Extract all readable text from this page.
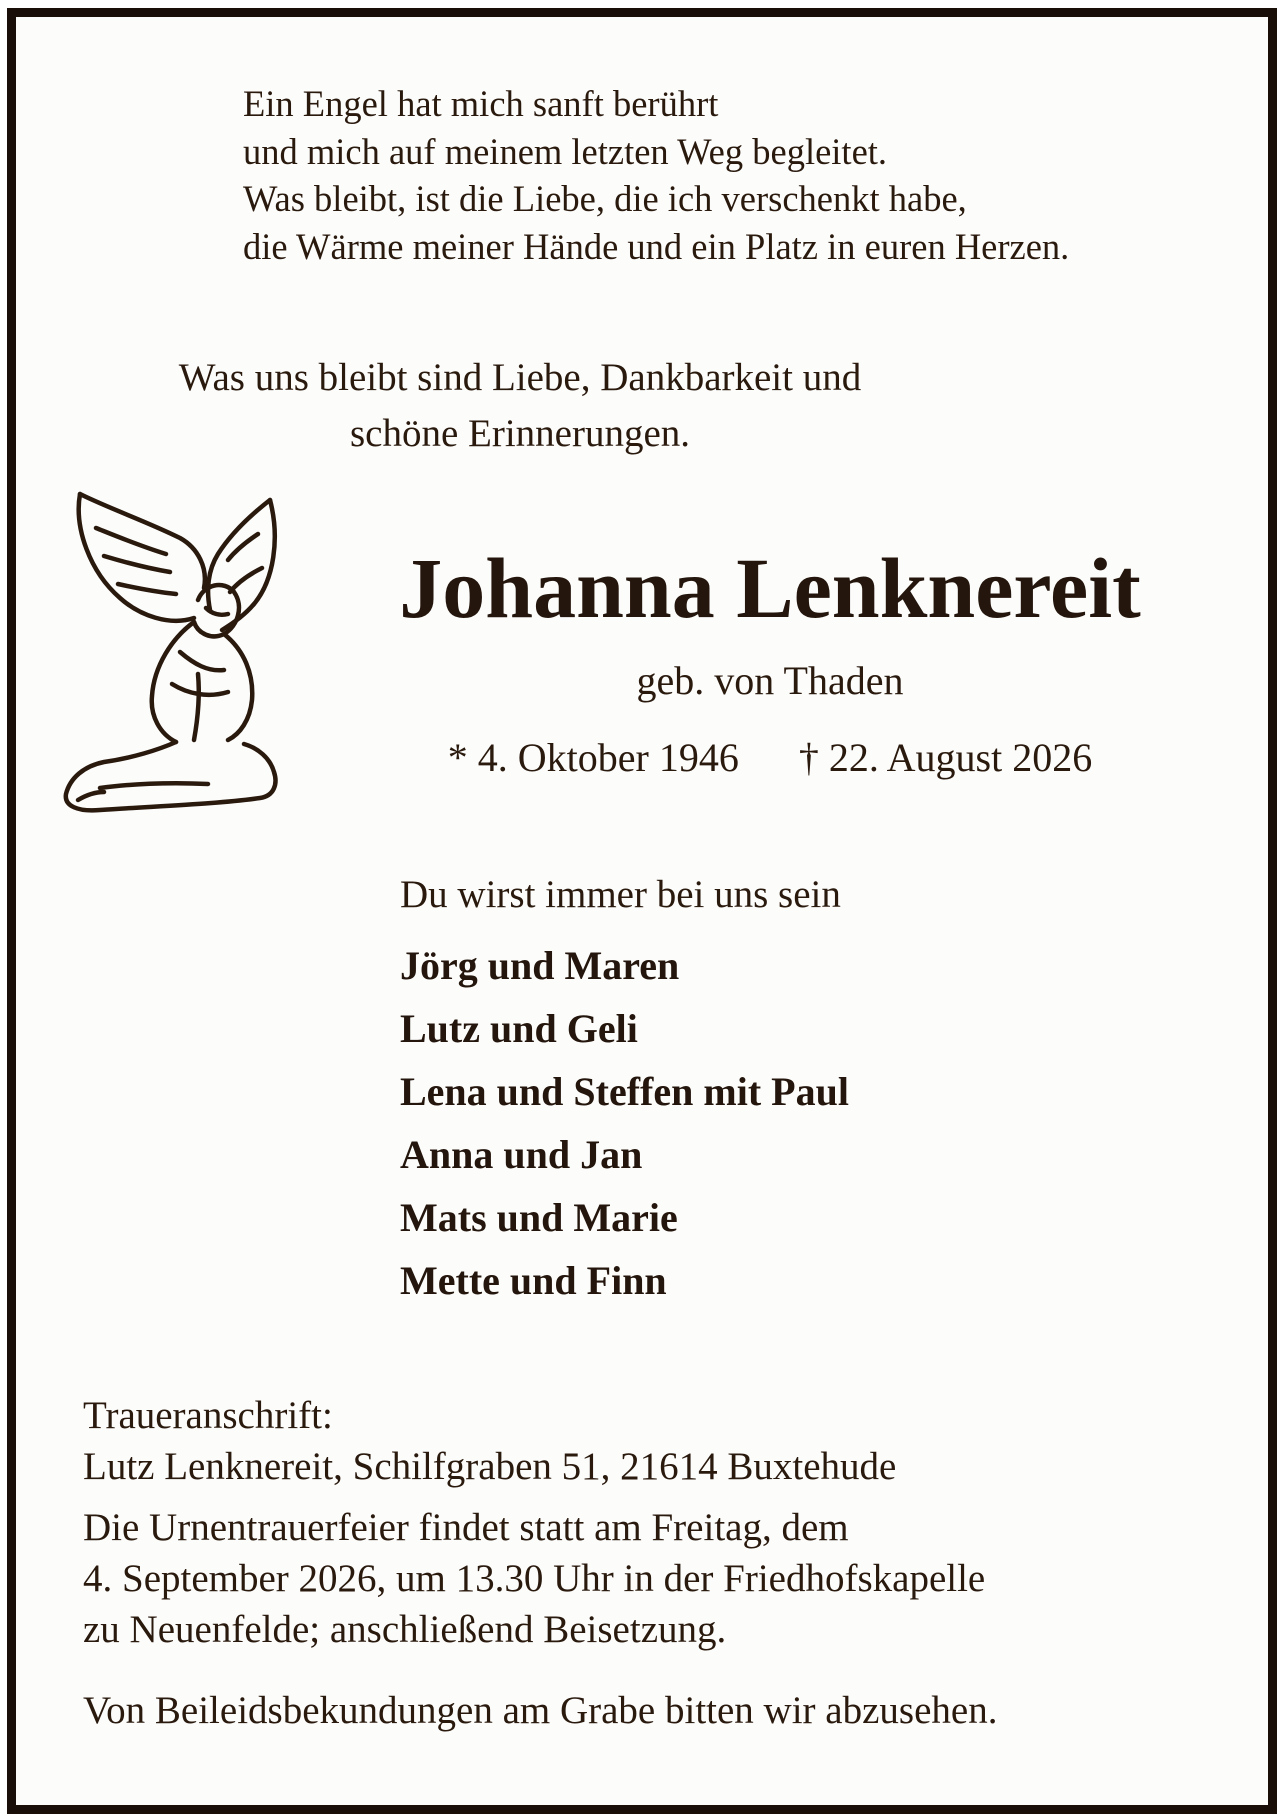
Ein Engel hat mich sanft berührt
und mich auf meinem letzten Weg begleitet.
Was bleibt, ist die Liebe, die ich verschenkt habe,
die Wärme meiner Hände und ein Platz in euren Herzen.
Was uns bleibt sind Liebe, Dankbarkeit und
schöne Erinnerungen.
Johanna Lenknereit
geb. von Thaden
* 4. Oktober 1946 † 22. August 2026
Du wirst immer bei uns sein
Jörg und Maren
Lutz und Geli
Lena und Steffen mit Paul
Anna und Jan
Mats und Marie
Mette und Finn
Traueranschrift:
Lutz Lenknereit, Schilfgraben 51, 21614 Buxtehude
Die Urnentrauerfeier findet statt am Freitag, dem
4. September 2026, um 13.30 Uhr in der Friedhofskapelle
zu Neuenfelde; anschließend Beisetzung.
Von Beileidsbekundungen am Grabe bitten wir abzusehen.
